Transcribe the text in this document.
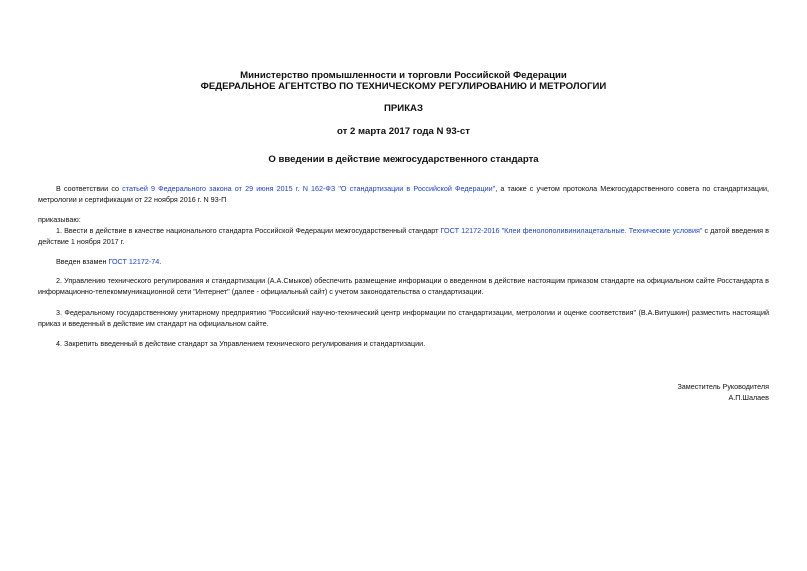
Министерство промышленности и торговли Российской Федерации
ФЕДЕРАЛЬНОЕ АГЕНТСТВО ПО ТЕХНИЧЕСКОМУ РЕГУЛИРОВАНИЮ И МЕТРОЛОГИИ
ПРИКАЗ
от 2 марта 2017 года N 93-ст
О введении в действие межгосударственного стандарта
В соответствии со статьей 9 Федерального закона от 29 июня 2015 г. N 162-ФЗ "О стандартизации в Российской Федерации", а также с учетом протокола Межгосударственного совета по стандартизации, метрологии и сертификации от 22 ноября 2016 г. N 93-П
приказываю:
1. Ввести в действие в качестве национального стандарта Российской Федерации межгосударственный стандарт ГОСТ 12172-2016 "Клеи фенолополивинилацетальные. Технические условия" с датой введения в действие 1 ноября 2017 г.
Введен взамен ГОСТ 12172-74.
2. Управлению технического регулирования и стандартизации (А.А.Смыков) обеспечить размещение информации о введенном в действие настоящим приказом стандарте на официальном сайте Росстандарта в информационно-телекоммуникационной сети "Интернет" (далее - официальный сайт) с учетом законодательства о стандартизации.
3. Федеральному государственному унитарному предприятию "Российский научно-технический центр информации по стандартизации, метрологии и оценке соответствия" (В.А.Витушкин) разместить настоящий приказ и введенный в действие им стандарт на официальном сайте.
4. Закрепить введенный в действие стандарт за Управлением технического регулирования и стандартизации.
Заместитель Руководителя
А.П.Шалаев
